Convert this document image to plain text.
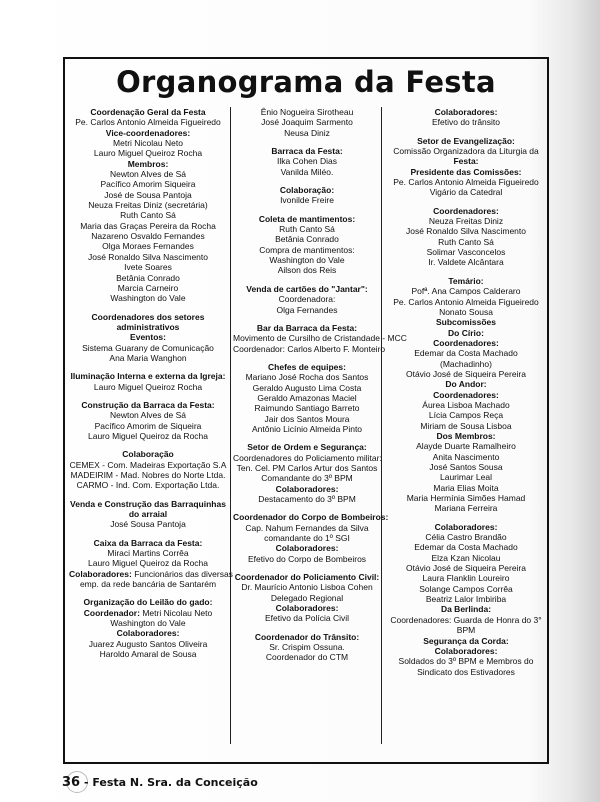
Organograma da Festa
Coordenação Geral da Festa
Pe. Carlos Antonio Almeida Figueiredo
Vice-coordenadores:
Metri Nicolau Neto
Lauro Miguel Queiroz Rocha
Membros:
Newton Alves de Sá
Pacífico Amorim Siqueira
José de Sousa Pantoja
Neuza Freitas Diniz (secretária)
Ruth Canto Sá
Maria das Graças Pereira da Rocha
Nazareno Osvaldo Fernandes
Olga Moraes Fernandes
José Ronaldo Silva Nascimento
Ivete Soares
Betânia Conrado
Marcia Carneiro
Washington do Vale
Coordenadores dos setores
administrativos
Eventos:
Sistema Guarany de Comunicação
Ana Maria Wanghon
Iluminação Interna e externa da Igreja:
Lauro Miguel Queiroz Rocha
Construção da Barraca da Festa:
Newton Alves de Sá
Pacífico Amorim de Siqueira
Lauro Miguel Queiroz da Rocha
Colaboração
CEMEX - Com. Madeiras Exportação S.A
MADEIRIM - Mad. Nobres do Norte Ltda.
CARMO - Ind. Com. Exportação Ltda.
Venda e Construção das Barraquinhas
do arraial
José Sousa Pantoja
Caixa da Barraca da Festa:
Miraci Martins Corrêa
Lauro Miguel Queiroz da Rocha
Colaboradores: Funcionários das diversas
emp. da rede bancária de Santarém
Organização do Leilão do gado:
Coordenador: Metri Nicolau Neto
Washington do Vale
Colaboradores:
Juarez Augusto Santos Oliveira
Haroldo Amaral de Sousa
Ênio Nogueira Sirotheau
José Joaquim Sarmento
Neusa Diniz
Barraca da Festa:
Ilka Cohen Dias
Vanilda Miléo.
Colaboração:
Ivonilde Freire
Coleta de mantimentos:
Ruth Canto Sá
Betânia Conrado
Compra de mantimentos:
Washington do Vale
Ailson dos Reis
Venda de cartões do "Jantar":
Coordenadora:
Olga Fernandes
Bar da Barraca da Festa:
Movimento de Cursilho de Cristandade - MCC
Coordenador: Carlos Alberto F. Monteiro
Chefes de equipes:
Mariano José Rocha dos Santos
Geraldo Augusto Lima Costa
Geraldo Amazonas Maciel
Raimundo Santiago Barreto
Jair dos Santos Moura
Antônio Licínio Almeida Pinto
Setor de Ordem e Segurança:
Coordenadores do Policiamento militar:
Ten. Cel. PM Carlos Artur dos Santos
Comandante do 3º BPM
Colaboradores:
Destacamento do 3º BPM
Coordenador do Corpo de Bombeiros:
Cap. Nahum Fernandes da Silva
comandante do 1º SGI
Colaboradores:
Efetivo do Corpo de Bombeiros
Coordenador do Policiamento Civil:
Dr. Maurício Antonio Lisboa Cohen
Delegado Regional
Colaboradores:
Efetivo da Polícia Civil
Coordenador do Trânsito:
Sr. Crispim Ossuna.
Coordenador do CTM
Colaboradores:
Efetivo do trânsito
Setor de Evangelização:
Comissão Organizadora da Liturgia da
Festa:
Presidente das Comissões:
Pe. Carlos Antonio Almeida Figueiredo
Vigário da Catedral
Coordenadores:
Neuza Freitas Diniz
José Ronaldo Silva Nascimento
Ruth Canto Sá
Solimar Vasconcelos
Ir. Valdete Alcântara
Temário:
Pofª. Ana Campos Calderaro
Pe. Carlos Antonio Almeida Figueiredo
Nonato Sousa
Subcomissões
Do Círio:
Coordenadores:
Edemar da Costa Machado
(Machadinho)
Otávio José de Siqueira Pereira
Do Andor:
Coordenadores:
Áurea Lisboa Machado
Lícia Campos Reça
Miriam de Sousa Lisboa
Dos Membros:
Alayde Duarte Ramalheiro
Anita Nascimento
José Santos Sousa
Laurimar Leal
Maria Elias Moita
Maria Hermínia Simões Hamad
Mariana Ferreira
Colaboradores:
Célia Castro Brandão
Edemar da Costa Machado
Elza Kzan Nicolau
Otávio José de Siqueira Pereira
Laura Flanklin Loureiro
Solange Campos Corrêa
Beatriz Lalor Imbiriba
Da Berlinda:
Coordenadores: Guarda de Honra do 3°
BPM
Segurança da Corda:
Colaboradores:
Soldados do 3º BPM e Membros do
Sindicato dos Estivadores
36 - Festa N. Sra. da Conceição
